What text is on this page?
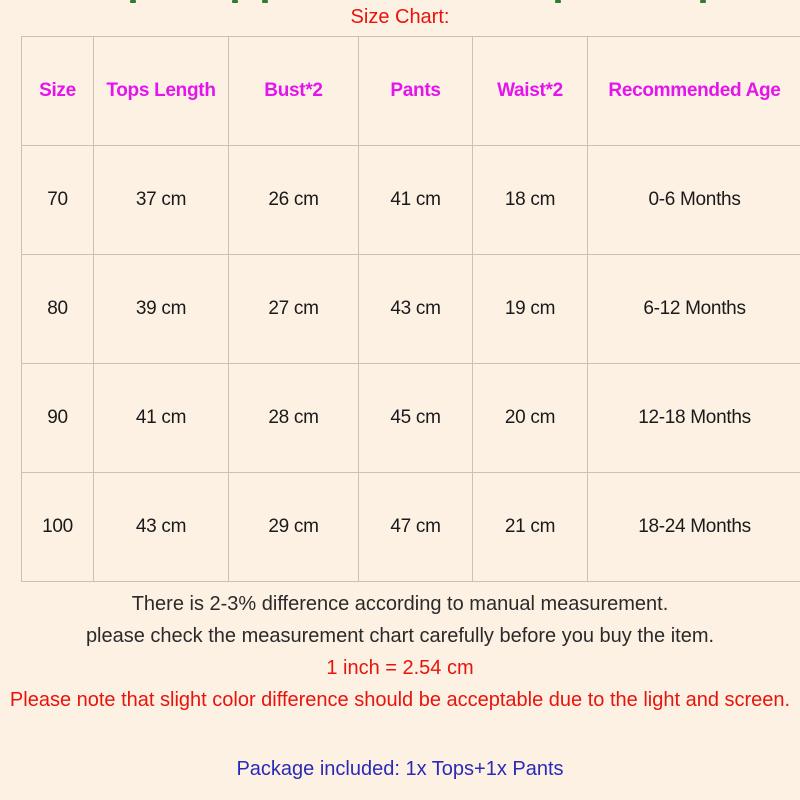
Size Chart:
Size	Tops Length	Bust*2	Pants	Waist*2	Recommended Age
70	37 cm	26 cm	41 cm	18 cm	0-6 Months
80	39 cm	27 cm	43 cm	19 cm	6-12 Months
90	41 cm	28 cm	45 cm	20 cm	12-18 Months
100	43 cm	29 cm	47 cm	21 cm	18-24 Months
There is 2-3% difference according to manual measurement.
please check the measurement chart carefully before you buy the item.
1 inch = 2.54 cm
Please note that slight color difference should be acceptable due to the light and screen.
Package included: 1x Tops+1x Pants
